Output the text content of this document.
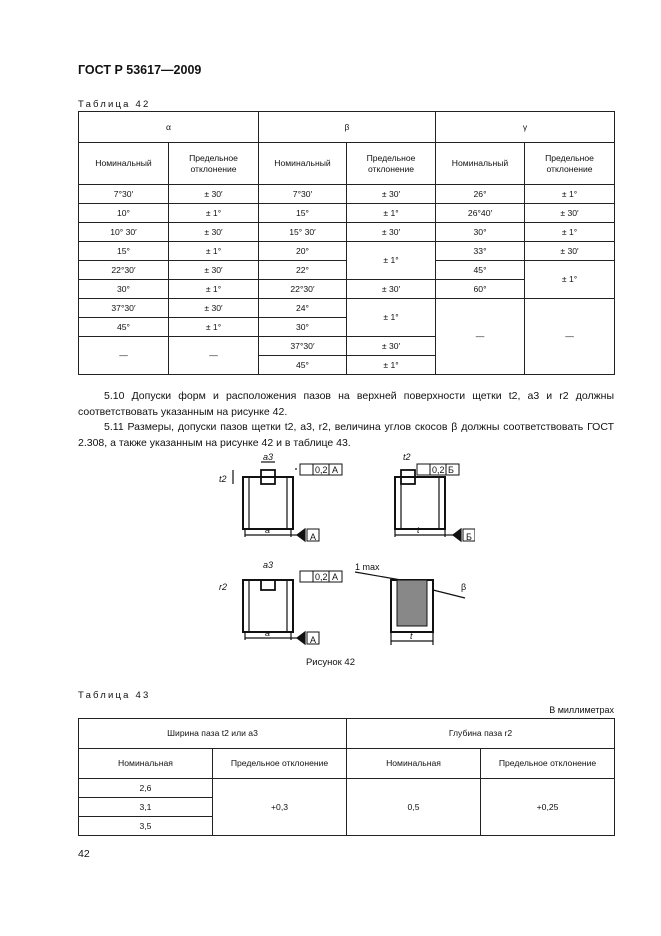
ГОСТ Р 53617—2009
Таблица 42
α		β		γ	
Номинальный	Предельное отклонение	Номинальный	Предельное отклонение	Номинальный	Предельное отклонение
7°30′	± 30′	7°30′	± 30′	26°	± 1°
10°	± 1°	15°	± 1°	26°40′	± 30′
10° 30′	± 30′	15° 30′	± 30′	30°	± 1°
15°	± 1°	20°	± 1°	33°	± 30′
22°30′	± 30′	22°		45°	± 1°
30°	± 1°	22°30′	± 30′	60°	
37°30′	± 30′	24°	± 1°	—	—
45°	± 1°	30°			
—	—	37°30′	± 30′		
		45°	± 1°		

5.10 Допуски форм и расположения пазов на верхней поверхности щетки t2, a3 и r2 должны соответствовать указанным на рисунке 42.

5.11 Размеры, допуски пазов щетки t2, a3, r2, величина углов скосов β должны соответствовать ГОСТ 2.308, а также указанным на рисунке 42 и в таблице 43.

0,2 А	0,2 Б
0,2 А
А	Б
А
a3	t2
a3
t2
r2
a	t
a	t
1 max
β
Рисунок 42
Таблица 43
В миллиметрах
Ширина паза t2 или a3		Глубина паза r2	
Номинальная	Предельное отклонение	Номинальная	Предельное отклонение
2,6	+0,3	0,5	+0,25
3,1			
3,5			
42
